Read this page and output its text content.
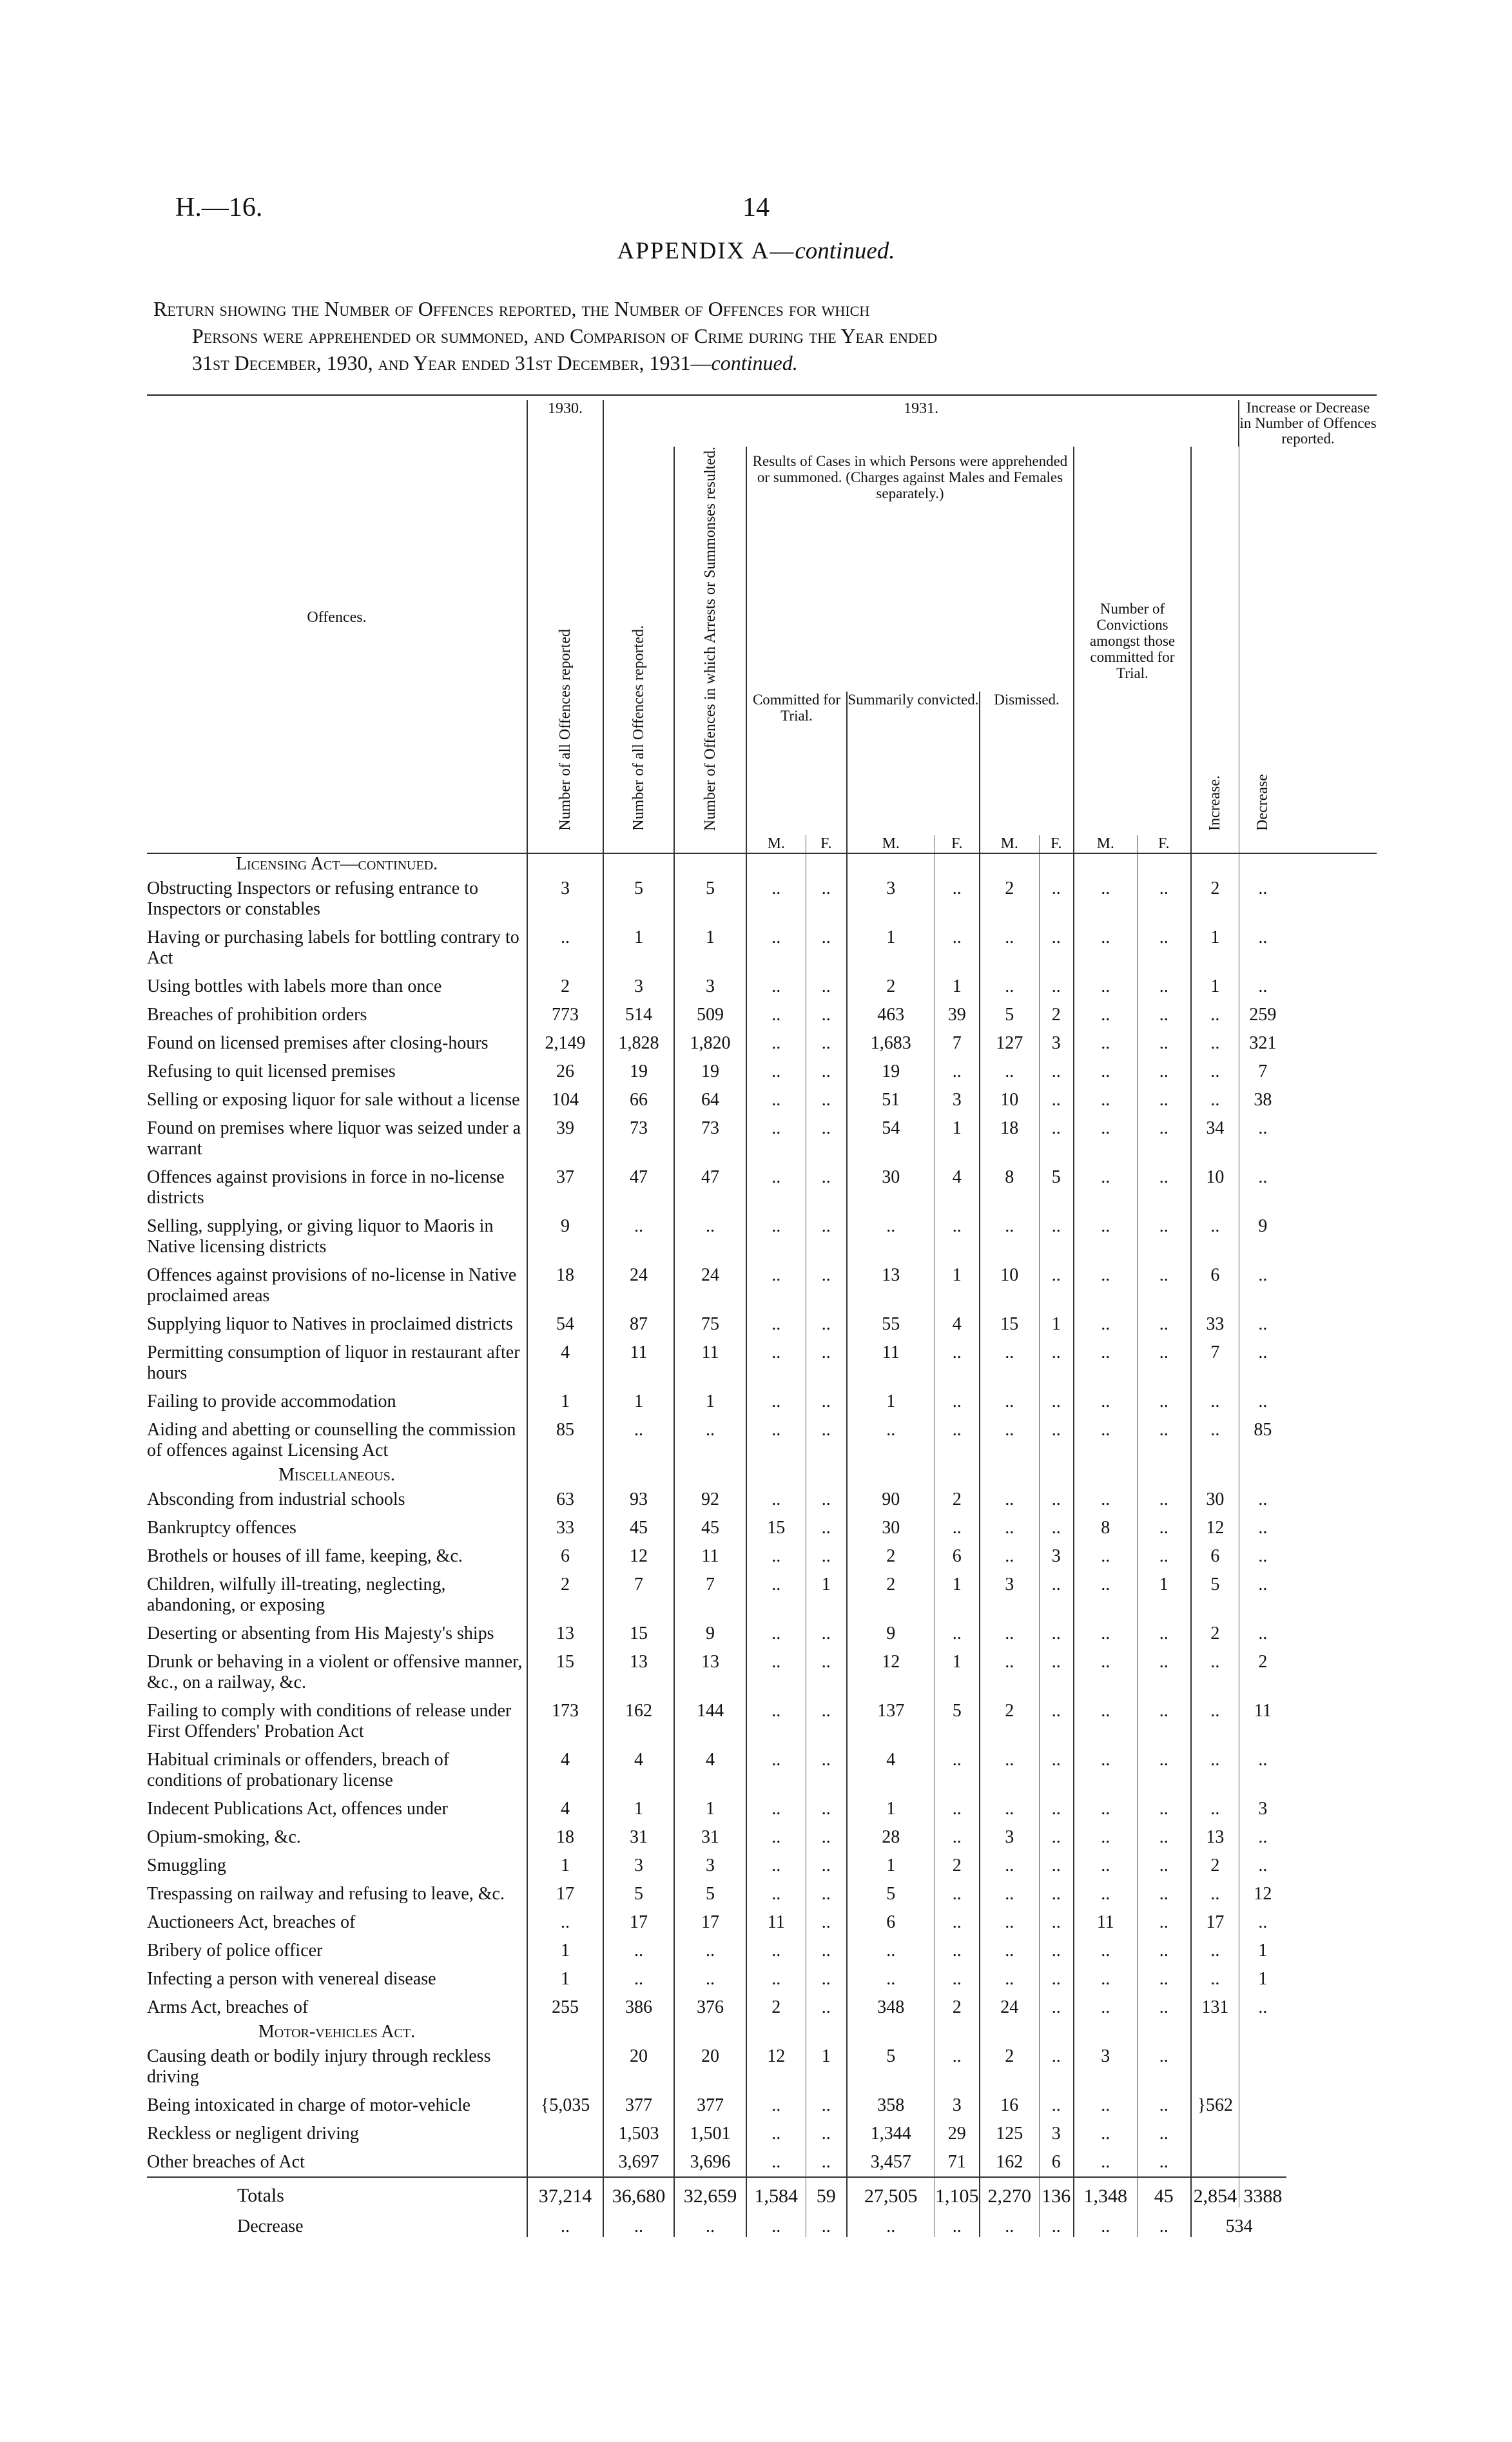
H.—16.	14
APPENDIX A—continued.
Return showing the Number of Offences reported, the Number of Offences for which
Persons were apprehended or summoned, and Comparison of Crime during the Year ended
31st December, 1930, and Year ended 31st December, 1931—continued.
Offences.	1930.	1931.											Increase or Decrease in Number of Offences reported.
	Number of all Offences reported	Number of all Offences reported.	Number of Offences in which Arrests or Summonses resulted.	Results of Cases in which Persons were apprehended or summoned. (Charges against Males and Females separately.)						Number of Convictions amongst those committed for Trial.		Increase.	Decrease
				Committed for Trial.		Summarily convicted.		Dismissed.					
				M.	F.	M.	F.	M.	F.	M.	F.		
Licensing Act—continued.													
Obstructing Inspectors or refusing entrance to Inspectors or constables	3	5	5	..	..	3	..	2	..	..	..	2	..
Having or purchasing labels for bottling contrary to Act	..	1	1	..	..	1	..	..	..	..	..	1	..
Using bottles with labels more than once	2	3	3	..	..	2	1	..	..	..	..	1	..
Breaches of prohibition orders	773	514	509	..	..	463	39	5	2	..	..	..	259
Found on licensed premises after closing-hours	2,149	1,828	1,820	..	..	1,683	7	127	3	..	..	..	321
Refusing to quit licensed premises	26	19	19	..	..	19	..	..	..	..	..	..	7
Selling or exposing liquor for sale without a license	104	66	64	..	..	51	3	10	..	..	..	..	38
Found on premises where liquor was seized under a warrant	39	73	73	..	..	54	1	18	..	..	..	34	..
Offences against provisions in force in no-license districts	37	47	47	..	..	30	4	8	5	..	..	10	..
Selling, supplying, or giving liquor to Maoris in Native licensing districts	9	..	..	..	..	..	..	..	..	..	..	..	9
Offences against provisions of no-license in Native proclaimed areas	18	24	24	..	..	13	1	10	..	..	..	6	..
Supplying liquor to Natives in proclaimed districts	54	87	75	..	..	55	4	15	1	..	..	33	..
Permitting consumption of liquor in restaurant after hours	4	11	11	..	..	11	..	..	..	..	..	7	..
Failing to provide accommodation	1	1	1	..	..	1	..	..	..	..	..	..	..
Aiding and abetting or counselling the commission of offences against Licensing Act	85	..	..	..	..	..	..	..	..	..	..	..	85
Miscellaneous.													
Absconding from industrial schools	63	93	92	..	..	90	2	..	..	..	..	30	..
Bankruptcy offences	33	45	45	15	..	30	..	..	..	8	..	12	..
Brothels or houses of ill fame, keeping, &c.	6	12	11	..	..	2	6	..	3	..	..	6	..
Children, wilfully ill-treating, neglecting, abandoning, or exposing	2	7	7	..	1	2	1	3	..	..	1	5	..
Deserting or absenting from His Majesty's ships	13	15	9	..	..	9	..	..	..	..	..	2	..
Drunk or behaving in a violent or offensive manner, &c., on a railway, &c.	15	13	13	..	..	12	1	..	..	..	..	..	2
Failing to comply with conditions of release under First Offenders' Probation Act	173	162	144	..	..	137	5	2	..	..	..	..	11
Habitual criminals or offenders, breach of conditions of probationary license	4	4	4	..	..	4	..	..	..	..	..	..	..
Indecent Publications Act, offences under	4	1	1	..	..	1	..	..	..	..	..	..	3
Opium-smoking, &c.	18	31	31	..	..	28	..	3	..	..	..	13	..
Smuggling	1	3	3	..	..	1	2	..	..	..	..	2	..
Trespassing on railway and refusing to leave, &c.	17	5	5	..	..	5	..	..	..	..	..	..	12
Auctioneers Act, breaches of	..	17	17	11	..	6	..	..	..	11	..	17	..
Bribery of police officer	1	..	..	..	..	..	..	..	..	..	..	..	1
Infecting a person with venereal disease	1	..	..	..	..	..	..	..	..	..	..	..	1
Arms Act, breaches of	255	386	376	2	..	348	2	24	..	..	..	131	..
Motor-vehicles Act.													
Causing death or bodily injury through reckless driving		20	20	12	1	5	..	2	..	3	..		
Being intoxicated in charge of motor-vehicle	{5,035	377	377	..	..	358	3	16	..	..	..	}562	
Reckless or negligent driving		1,503	1,501	..	..	1,344	29	125	3	..	..		
Other breaches of Act		3,697	3,696	..	..	3,457	71	162	6	..	..		
Totals	37,214	36,680	32,659	1,584	59	27,505	1,105	2,270	136	1,348	45	2,854	3388
Decrease	..	..	..	..	..	..	..	..	..	..	..	534	
